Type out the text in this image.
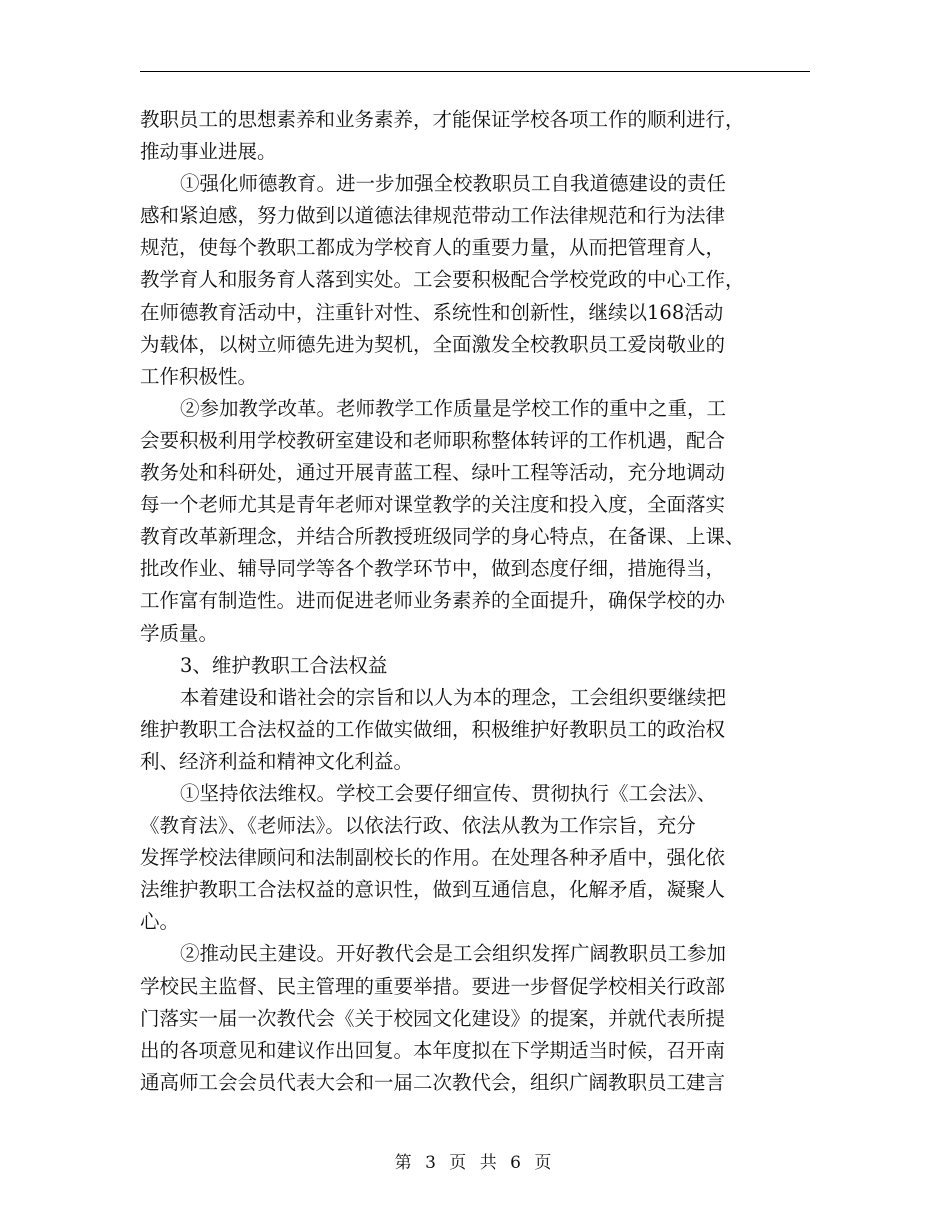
教职员工的思想素养和业务素养，才能保证学校各项工作的顺利进行，
推动事业进展。
①强化师德教育。进一步加强全校教职员工自我道德建设的责任
感和紧迫感，努力做到以道德法律规范带动工作法律规范和行为法律
规范，使每个教职工都成为学校育人的重要力量，从而把管理育人，
教学育人和服务育人落到实处。工会要积极配合学校党政的中心工作，
在师德教育活动中，注重针对性、系统性和创新性，继续以168活动
为载体，以树立师德先进为契机，全面激发全校教职员工爱岗敬业的
工作积极性。
②参加教学改革。老师教学工作质量是学校工作的重中之重，工
会要积极利用学校教研室建设和老师职称整体转评的工作机遇，配合
教务处和科研处，通过开展青蓝工程、绿叶工程等活动，充分地调动
每一个老师尤其是青年老师对课堂教学的关注度和投入度，全面落实
教育改革新理念，并结合所教授班级同学的身心特点，在备课、上课、
批改作业、辅导同学等各个教学环节中，做到态度仔细，措施得当，
工作富有制造性。进而促进老师业务素养的全面提升，确保学校的办
学质量。
3、维护教职工合法权益
本着建设和谐社会的宗旨和以人为本的理念，工会组织要继续把
维护教职工合法权益的工作做实做细，积极维护好教职员工的政治权
利、经济利益和精神文化利益。
①坚持依法维权。学校工会要仔细宣传、贯彻执行《工会法》、
《教育法》、《老师法》。以依法行政、依法从教为工作宗旨，充分
发挥学校法律顾问和法制副校长的作用。在处理各种矛盾中，强化依
法维护教职工合法权益的意识性，做到互通信息，化解矛盾，凝聚人
心。
②推动民主建设。开好教代会是工会组织发挥广阔教职员工参加
学校民主监督、民主管理的重要举措。要进一步督促学校相关行政部
门落实一届一次教代会《关于校园文化建设》的提案，并就代表所提
出的各项意见和建议作出回复。本年度拟在下学期适当时候，召开南
通高师工会会员代表大会和一届二次教代会，组织广阔教职员工建言
第 3 页 共 6 页
